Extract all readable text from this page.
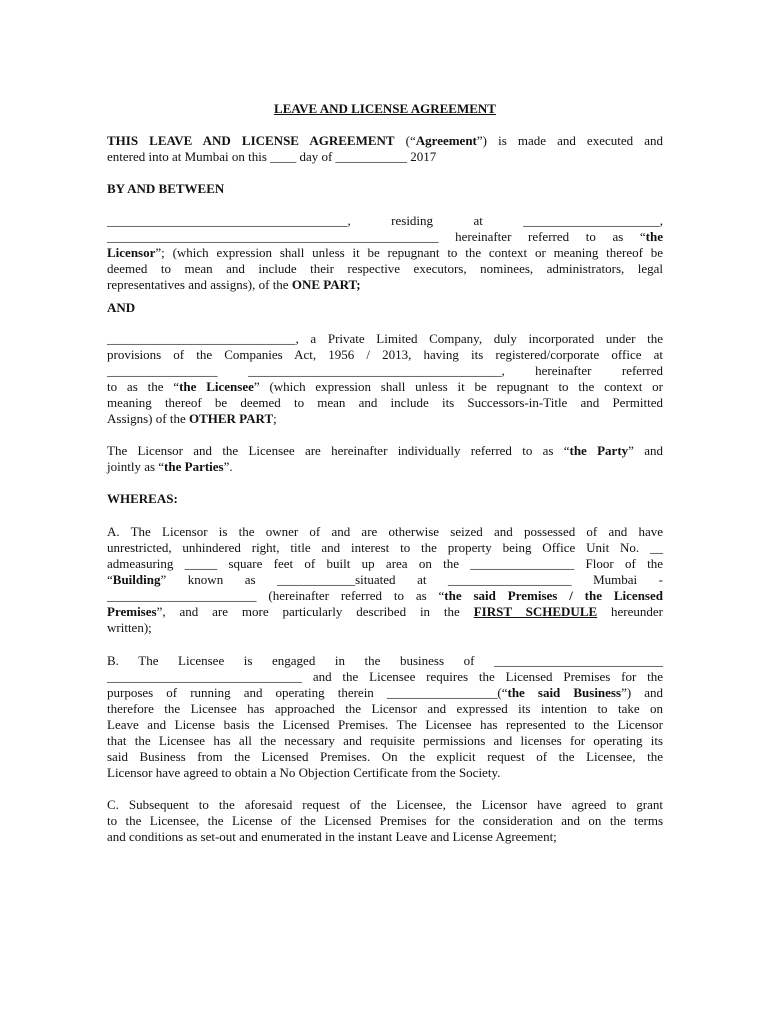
LEAVE AND LICENSE AGREEMENT
THIS LEAVE AND LICENSE AGREEMENT (“Agreement”) is made and executed and
entered into at Mumbai on this ____ day of ___________ 2017
BY AND BETWEEN
_____________________________________, residing at _____________________,
___________________________________________________ hereinafter referred to as “the
Licensor”; (which expression shall unless it be repugnant to the context or meaning thereof be
deemed to mean and include their respective executors, nominees, administrators, legal
representatives and assigns), of the ONE PART;
AND
_____________________________, a Private Limited Company, duly incorporated under the
provisions of the Companies Act, 1956 / 2013, having its registered/corporate office at
_________________ _______________________________________, hereinafter referred
to as the “the Licensee” (which expression shall unless it be repugnant to the context or
meaning thereof be deemed to mean and include its Successors-in-Title and Permitted
Assigns) of the OTHER PART;
The Licensor and the Licensee are hereinafter individually referred to as “the Party” and
jointly as “the Parties”.
WHEREAS:
A. The Licensor is the owner of and are otherwise seized and possessed of and have
unrestricted, unhindered right, title and interest to the property being Office Unit No. __
admeasuring _____ square feet of built up area on the ________________ Floor of the
“Building” known as ____________situated at ___________________ Mumbai -
_______________________ (hereinafter referred to as “the said Premises / the Licensed
Premises”, and are more particularly described in the FIRST SCHEDULE hereunder
written);
B. The Licensee is engaged in the business of __________________________
______________________________ and the Licensee requires the Licensed Premises for the
purposes of running and operating therein _________________(“the said Business”) and
therefore the Licensee has approached the Licensor and expressed its intention to take on
Leave and License basis the Licensed Premises. The Licensee has represented to the Licensor
that the Licensee has all the necessary and requisite permissions and licenses for operating its
said Business from the Licensed Premises. On the explicit request of the Licensee, the
Licensor have agreed to obtain a No Objection Certificate from the Society.
C. Subsequent to the aforesaid request of the Licensee, the Licensor have agreed to grant
to the Licensee, the License of the Licensed Premises for the consideration and on the terms
and conditions as set-out and enumerated in the instant Leave and License Agreement;
